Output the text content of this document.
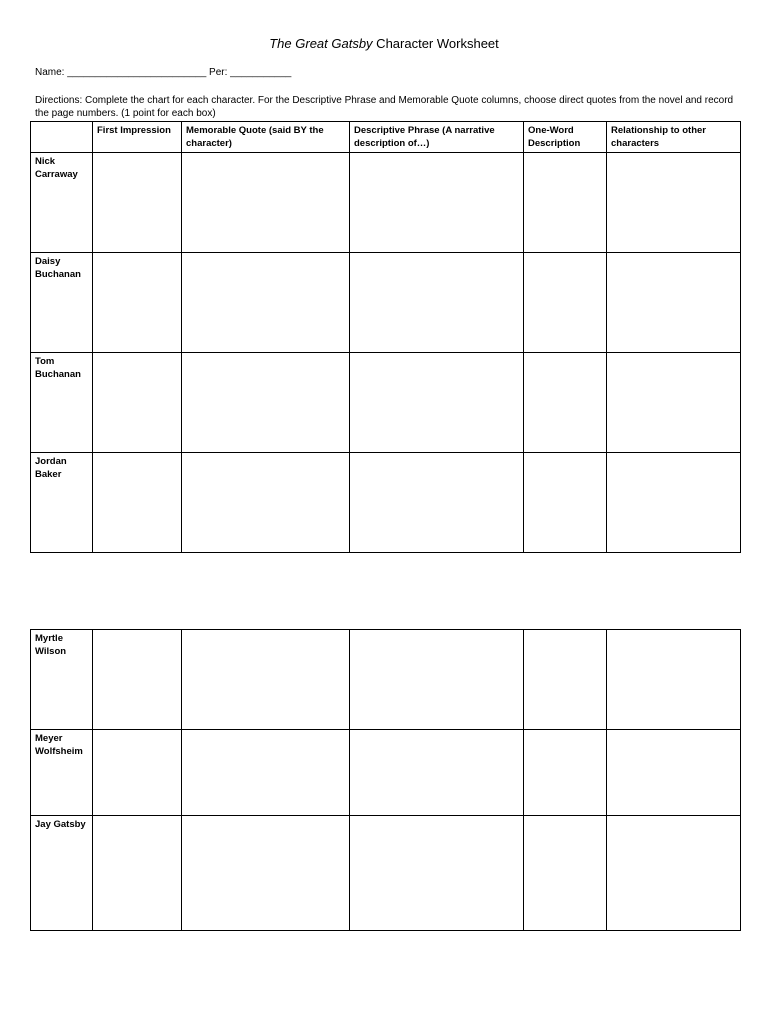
The Great Gatsby Character Worksheet
Name: _________________________ Per: ___________
Directions: Complete the chart for each character. For the Descriptive Phrase and Memorable Quote columns, choose direct quotes from the novel and record the page numbers. (1 point for each box)
	First Impression	Memorable Quote (said BY the character)	Descriptive Phrase (A narrative description of…)	One-Word Description	Relationship to other characters
Nick Carraway					
Daisy Buchanan					
Tom Buchanan					
Jordan Baker					
Myrtle Wilson					
Meyer Wolfsheim					
Jay Gatsby					
